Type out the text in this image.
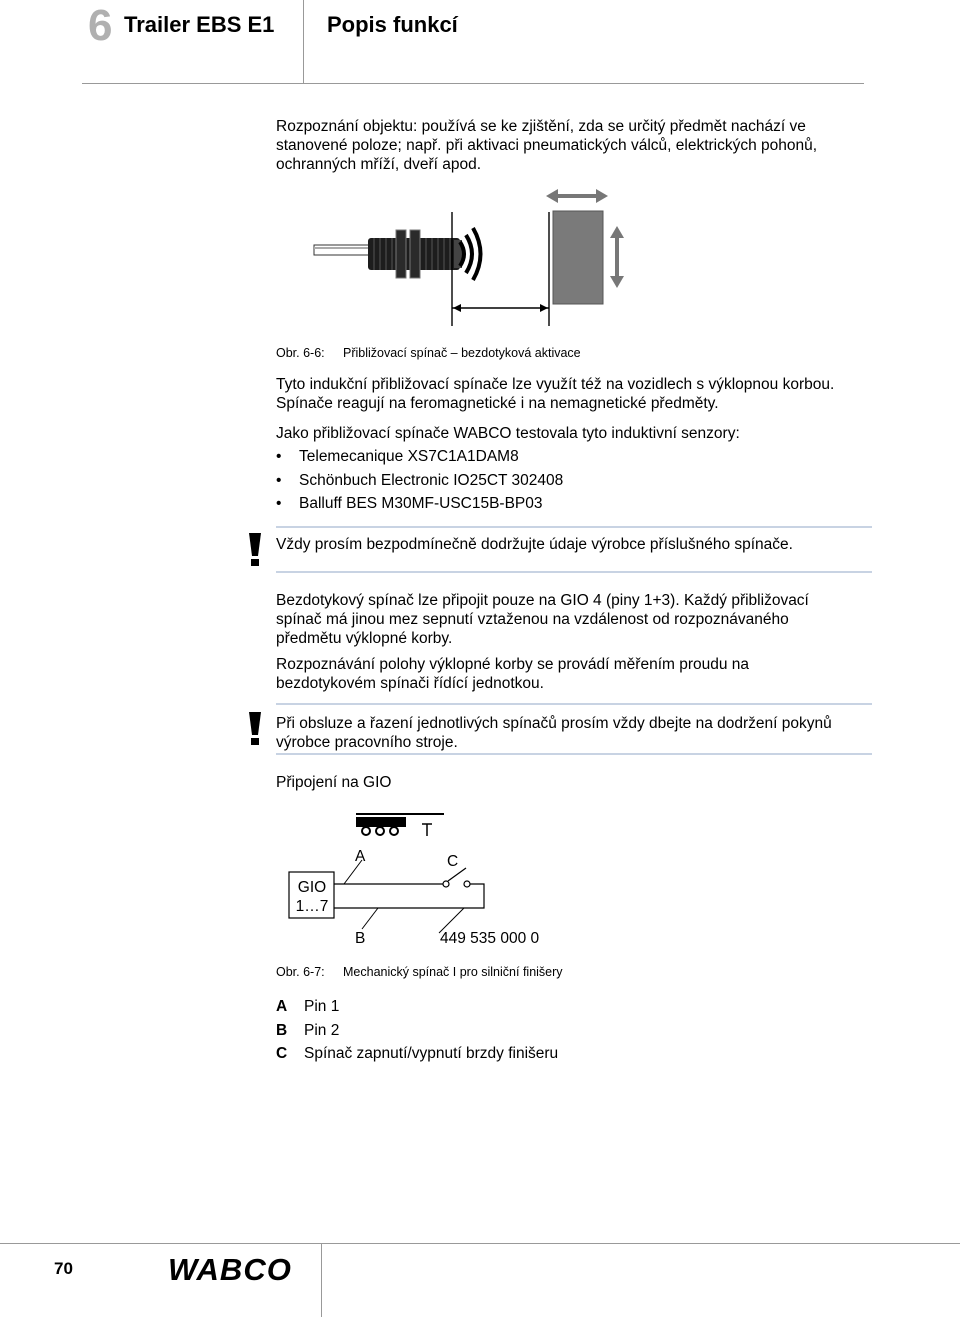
6 Trailer EBS E1 Popis funkcí
Rozpoznání objektu: používá se ke zjištění, zda se určitý předmět nachází ve stanovené poloze; např. při aktivaci pneumatických válců, elektrických pohonů, ochranných mříží, dveří apod.
Obr. 6-6: Přibližovací spínač – bezdotyková aktivace
Tyto indukční přibližovací spínače lze využít též na vozidlech s výklopnou korbou. Spínače reagují na feromagnetické i na nemagnetické předměty.
Jako přibližovací spínače WABCO testovala tyto induktivní senzory:
• Telemecanique XS7C1A1DAM8
• Schönbuch Electronic IO25CT 302408
• Balluff BES M30MF-USC15B-BP03
Vždy prosím bezpodmínečně dodržujte údaje výrobce příslušného spínače.
Bezdotykový spínač lze připojit pouze na GIO 4 (piny 1+3). Každý přibližovací spínač má jinou mez sepnutí vztaženou na vzdálenost od rozpoznávaného předmětu výklopné korby.
Rozpoznávání polohy výklopné korby se provádí měřením proudu na bezdotykovém spínači řídící jednotkou.
Při obsluze a řazení jednotlivých spínačů prosím vždy dbejte na dodržení pokynů výrobce pracovního stroje.
Připojení na GIO
GIO
1…7
A	C
B	449 535 000 0
Obr. 6-7: Mechanický spínač I pro silniční finišery
A Pin 1
B Pin 2
C Spínač zapnutí/vypnutí brzdy finišeru
70	WABCO
